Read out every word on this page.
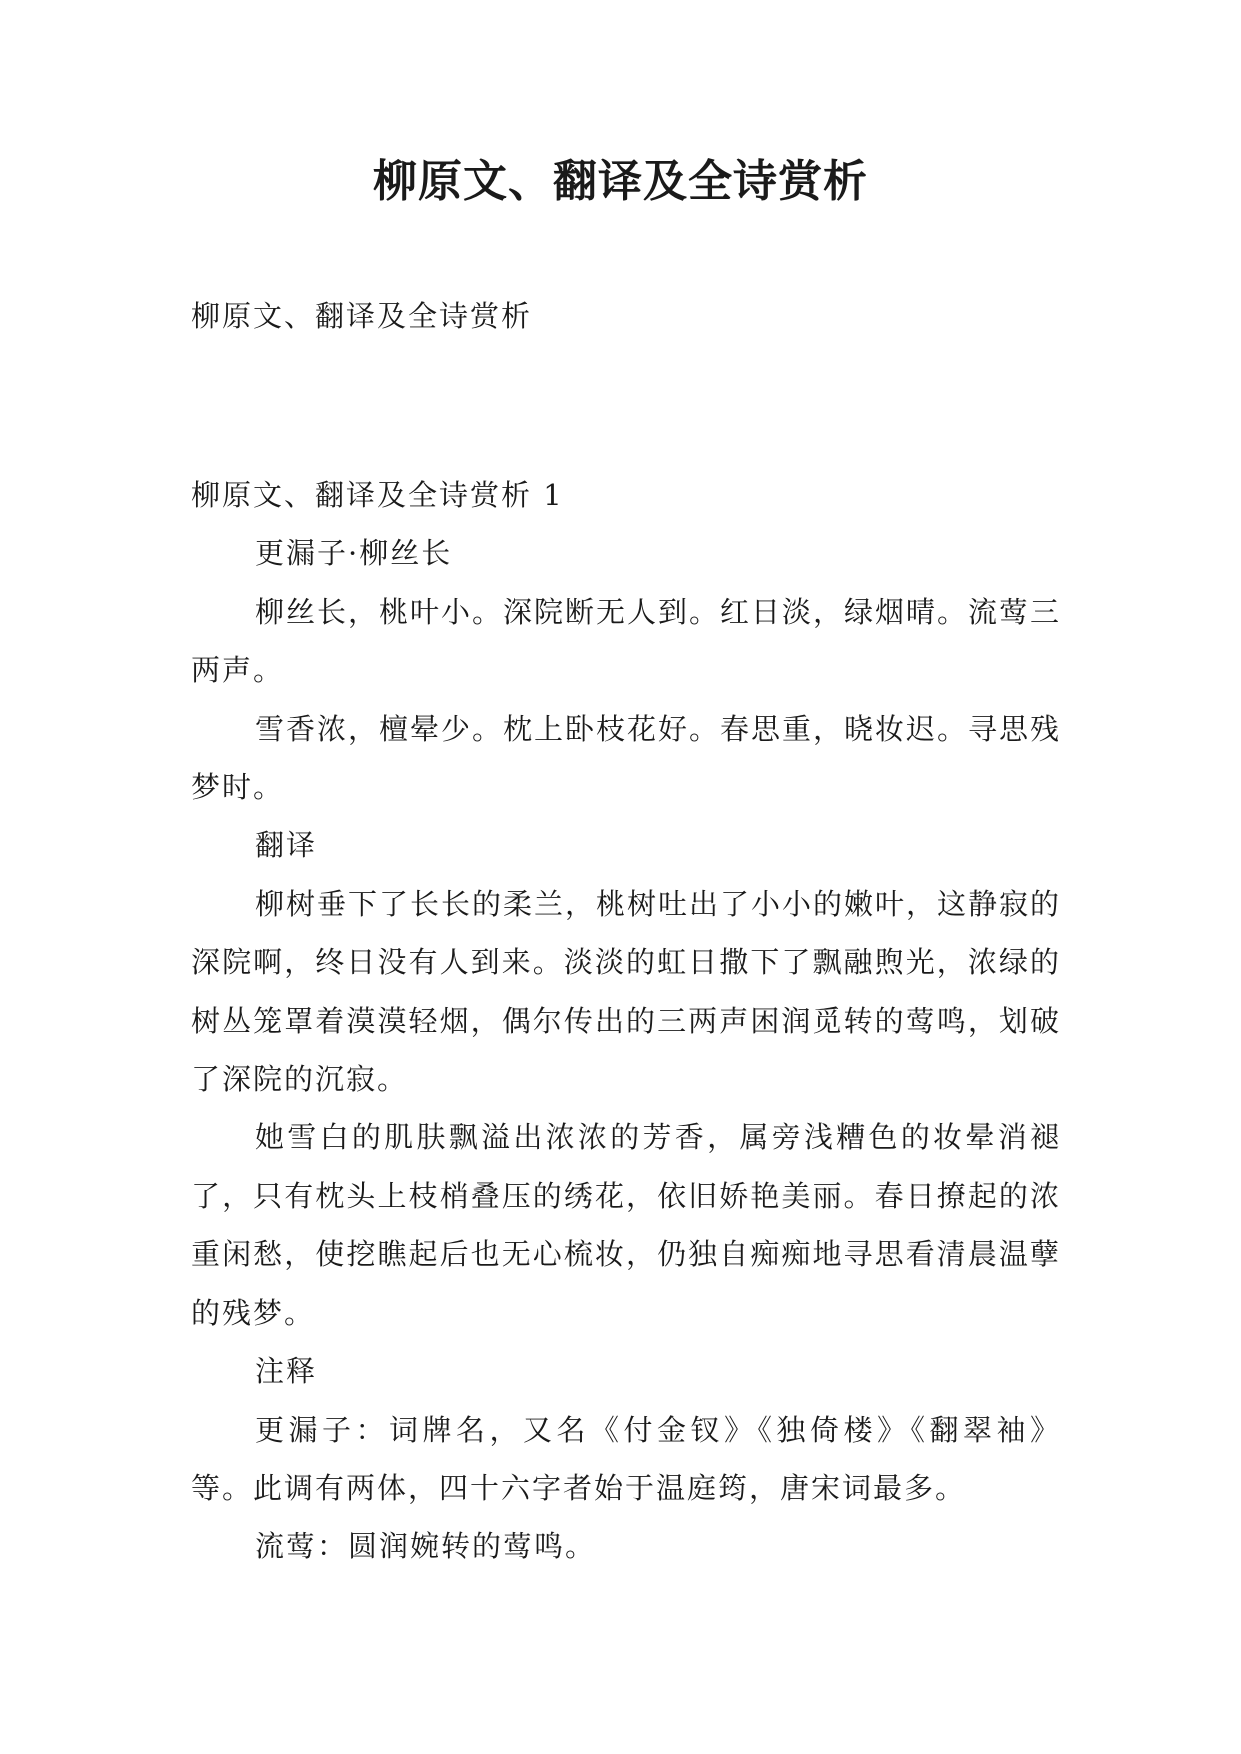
柳原文、翻译及全诗赏析

柳原文、翻译及全诗赏析

柳原文、翻译及全诗赏析 1

更漏子·柳丝长

柳丝长，桃叶小。深院断无人到。红日淡，绿烟晴。流莺三两声。

雪香浓，檀晕少。枕上卧枝花好。春思重，晓妆迟。寻思残梦时。

翻译

柳树垂下了长长的柔兰，桃树吐出了小小的嫩叶，这静寂的深院啊，终日没有人到来。淡淡的虹日撒下了飘融煦光，浓绿的树丛笼罩着漠漠轻烟，偶尔传出的三两声困润觅转的莺鸣，划破了深院的沉寂。

她雪白的肌肤飘溢出浓浓的芳香，属旁浅糟色的妆晕消褪了，只有枕头上枝梢叠压的绣花，依旧娇艳美丽。春日撩起的浓重闲愁，使挖瞧起后也无心梳妆，仍独自痴痴地寻思看清晨温孽的残梦。

注释

更漏子：词牌名，又名《付金钗》《独倚楼》《翻翠袖》等。此调有两体，四十六字者始于温庭筠，唐宋词最多。

流莺：圆润婉转的莺鸣。
